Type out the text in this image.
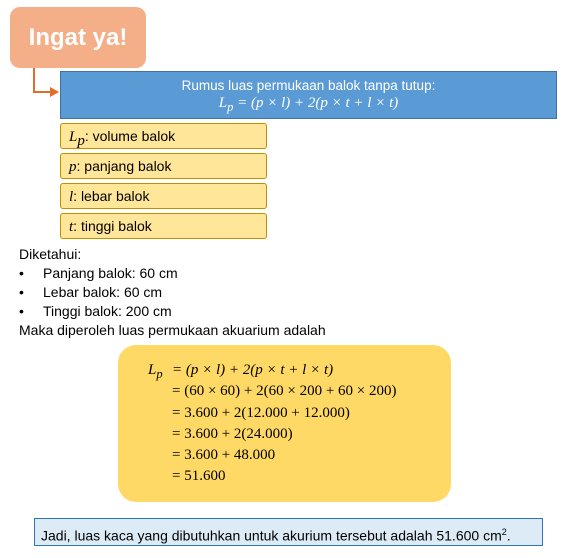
Ingat ya!
Rumus luas permukaan balok tanpa tutup:
$L_p = (p \times l) + 2(p \times t + l \times t)$
$L_p$: volume balok
p: panjang balok
l: lebar balok
t: tinggi balok
Diketahui:
• Panjang balok: 60 cm
• Lebar balok: 60 cm
• Tinggi balok: 200 cm
Maka diperoleh luas permukaan akuarium adalah
$L_p = (p \times l) + 2(p \times t + l \times t)$
= (60 × 60) + 2(60 × 200 + 60 × 200)
= 3.600 + 2(12.000 + 12.000)
= 3.600 + 2(24.000)
= 3.600 + 48.000
= 51.600
Jadi, luas kaca yang dibutuhkan untuk akurium tersebut adalah 51.600 $cm^2$.
